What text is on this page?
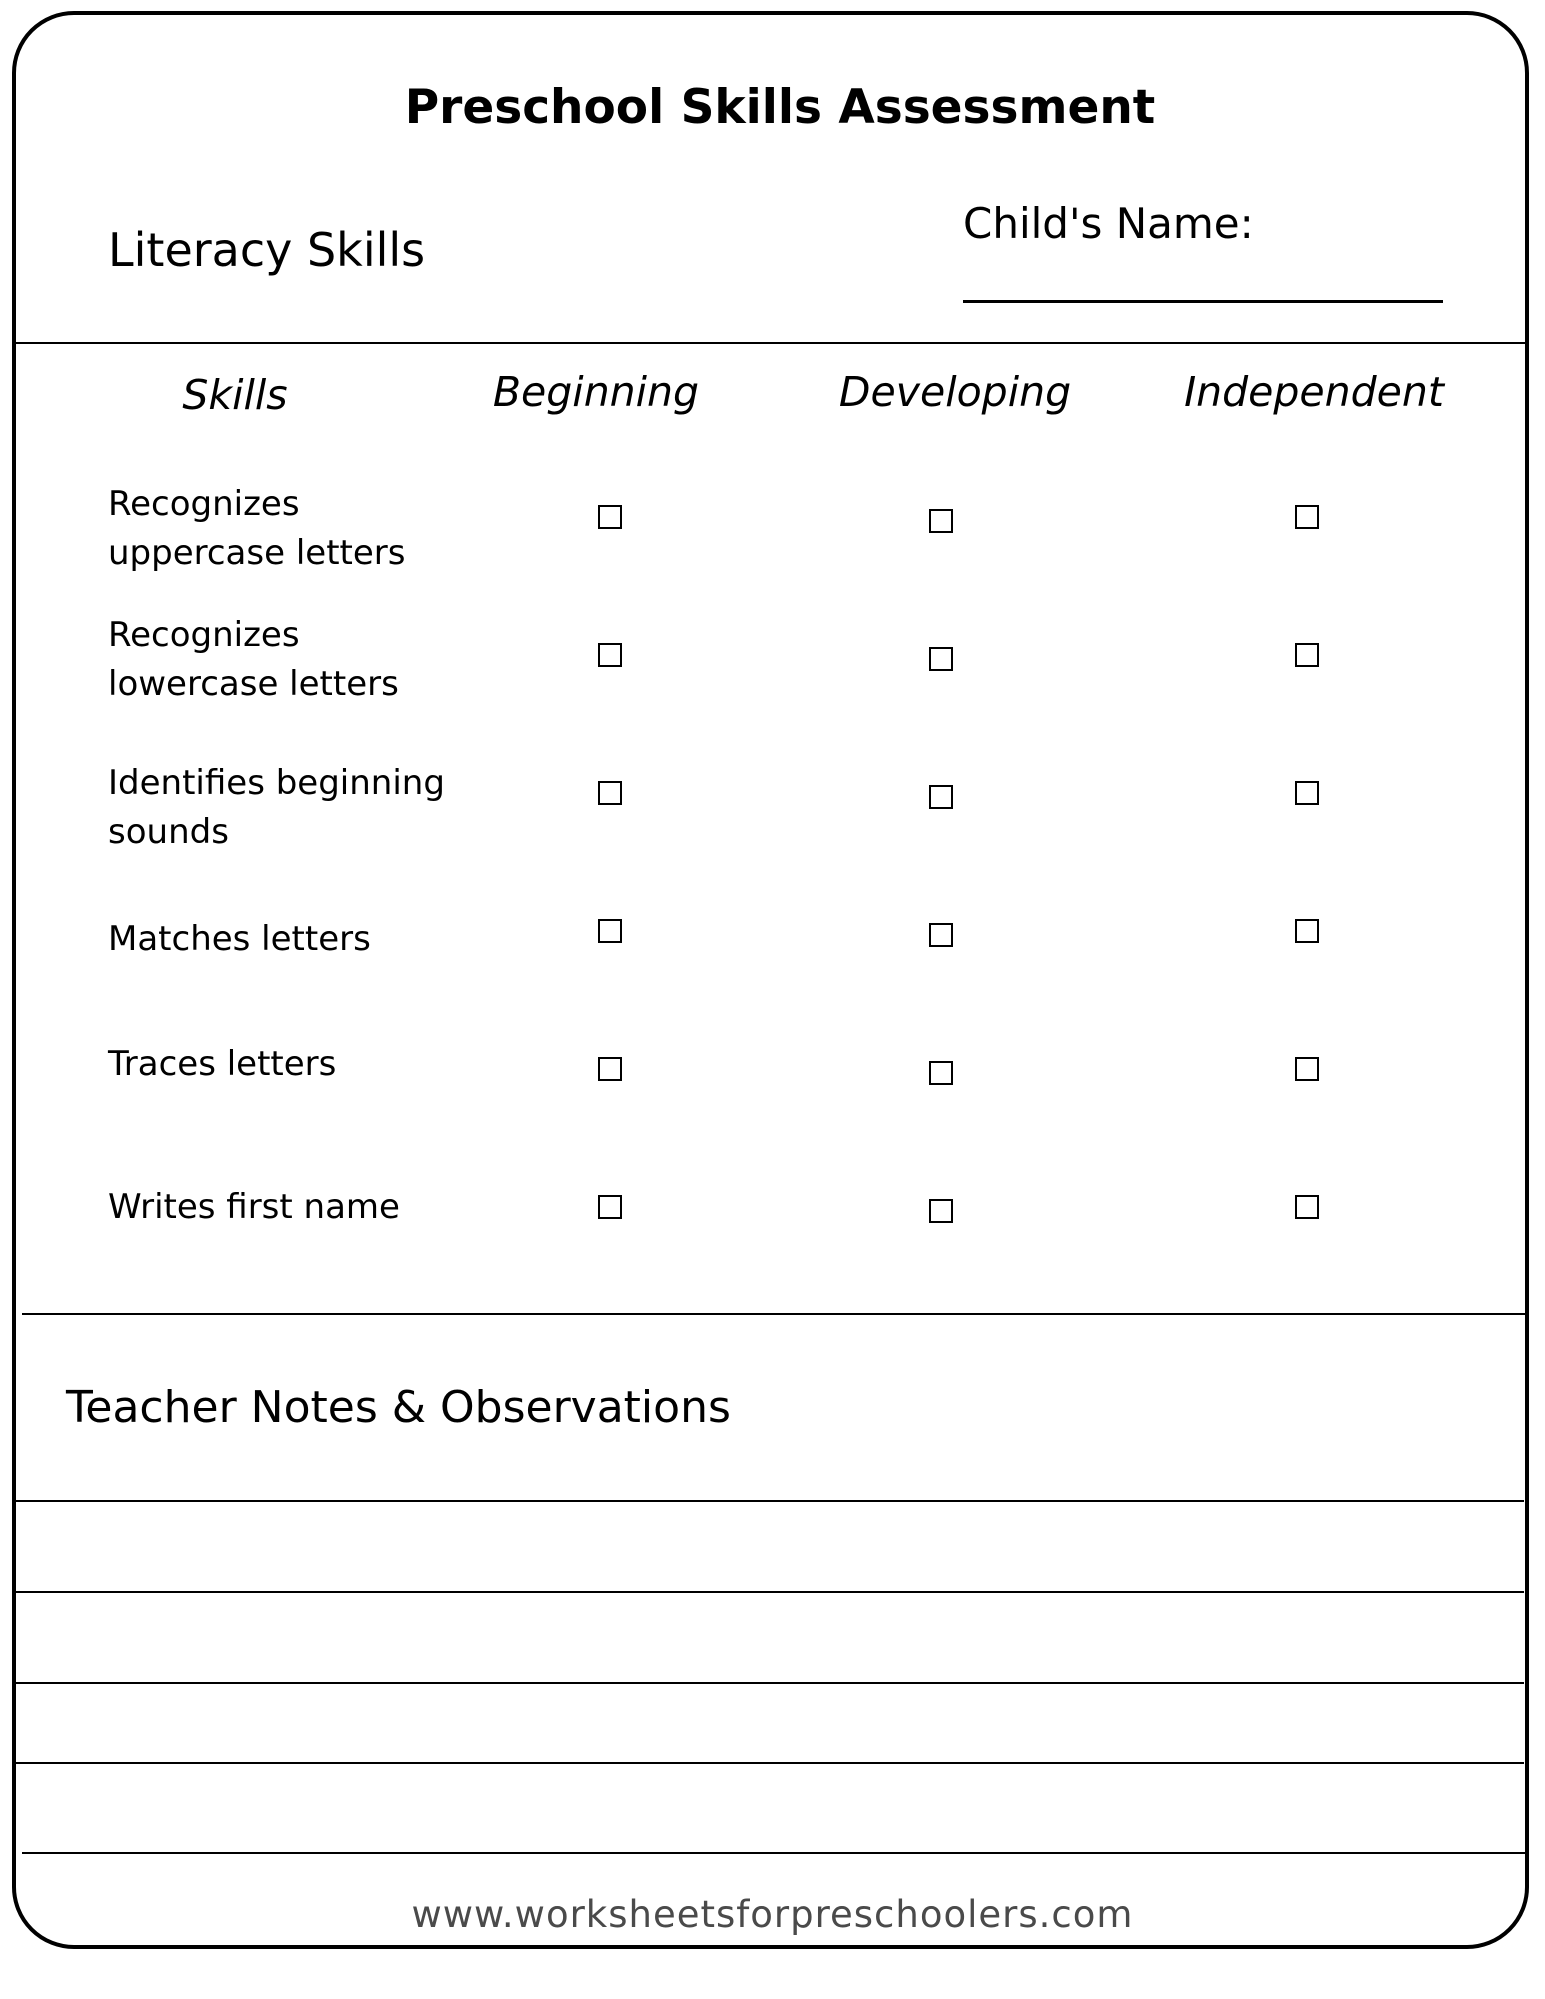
Preschool Skills Assessment
Literacy Skills	Child's Name:
Skills	Beginning	Developing	Independent
Recognizes uppercase letters
Recognizes lowercase letters
Identifies beginning sounds
Matches letters
Traces letters
Writes first name
Teacher Notes & Observations
www.worksheetsforpreschoolers.com
